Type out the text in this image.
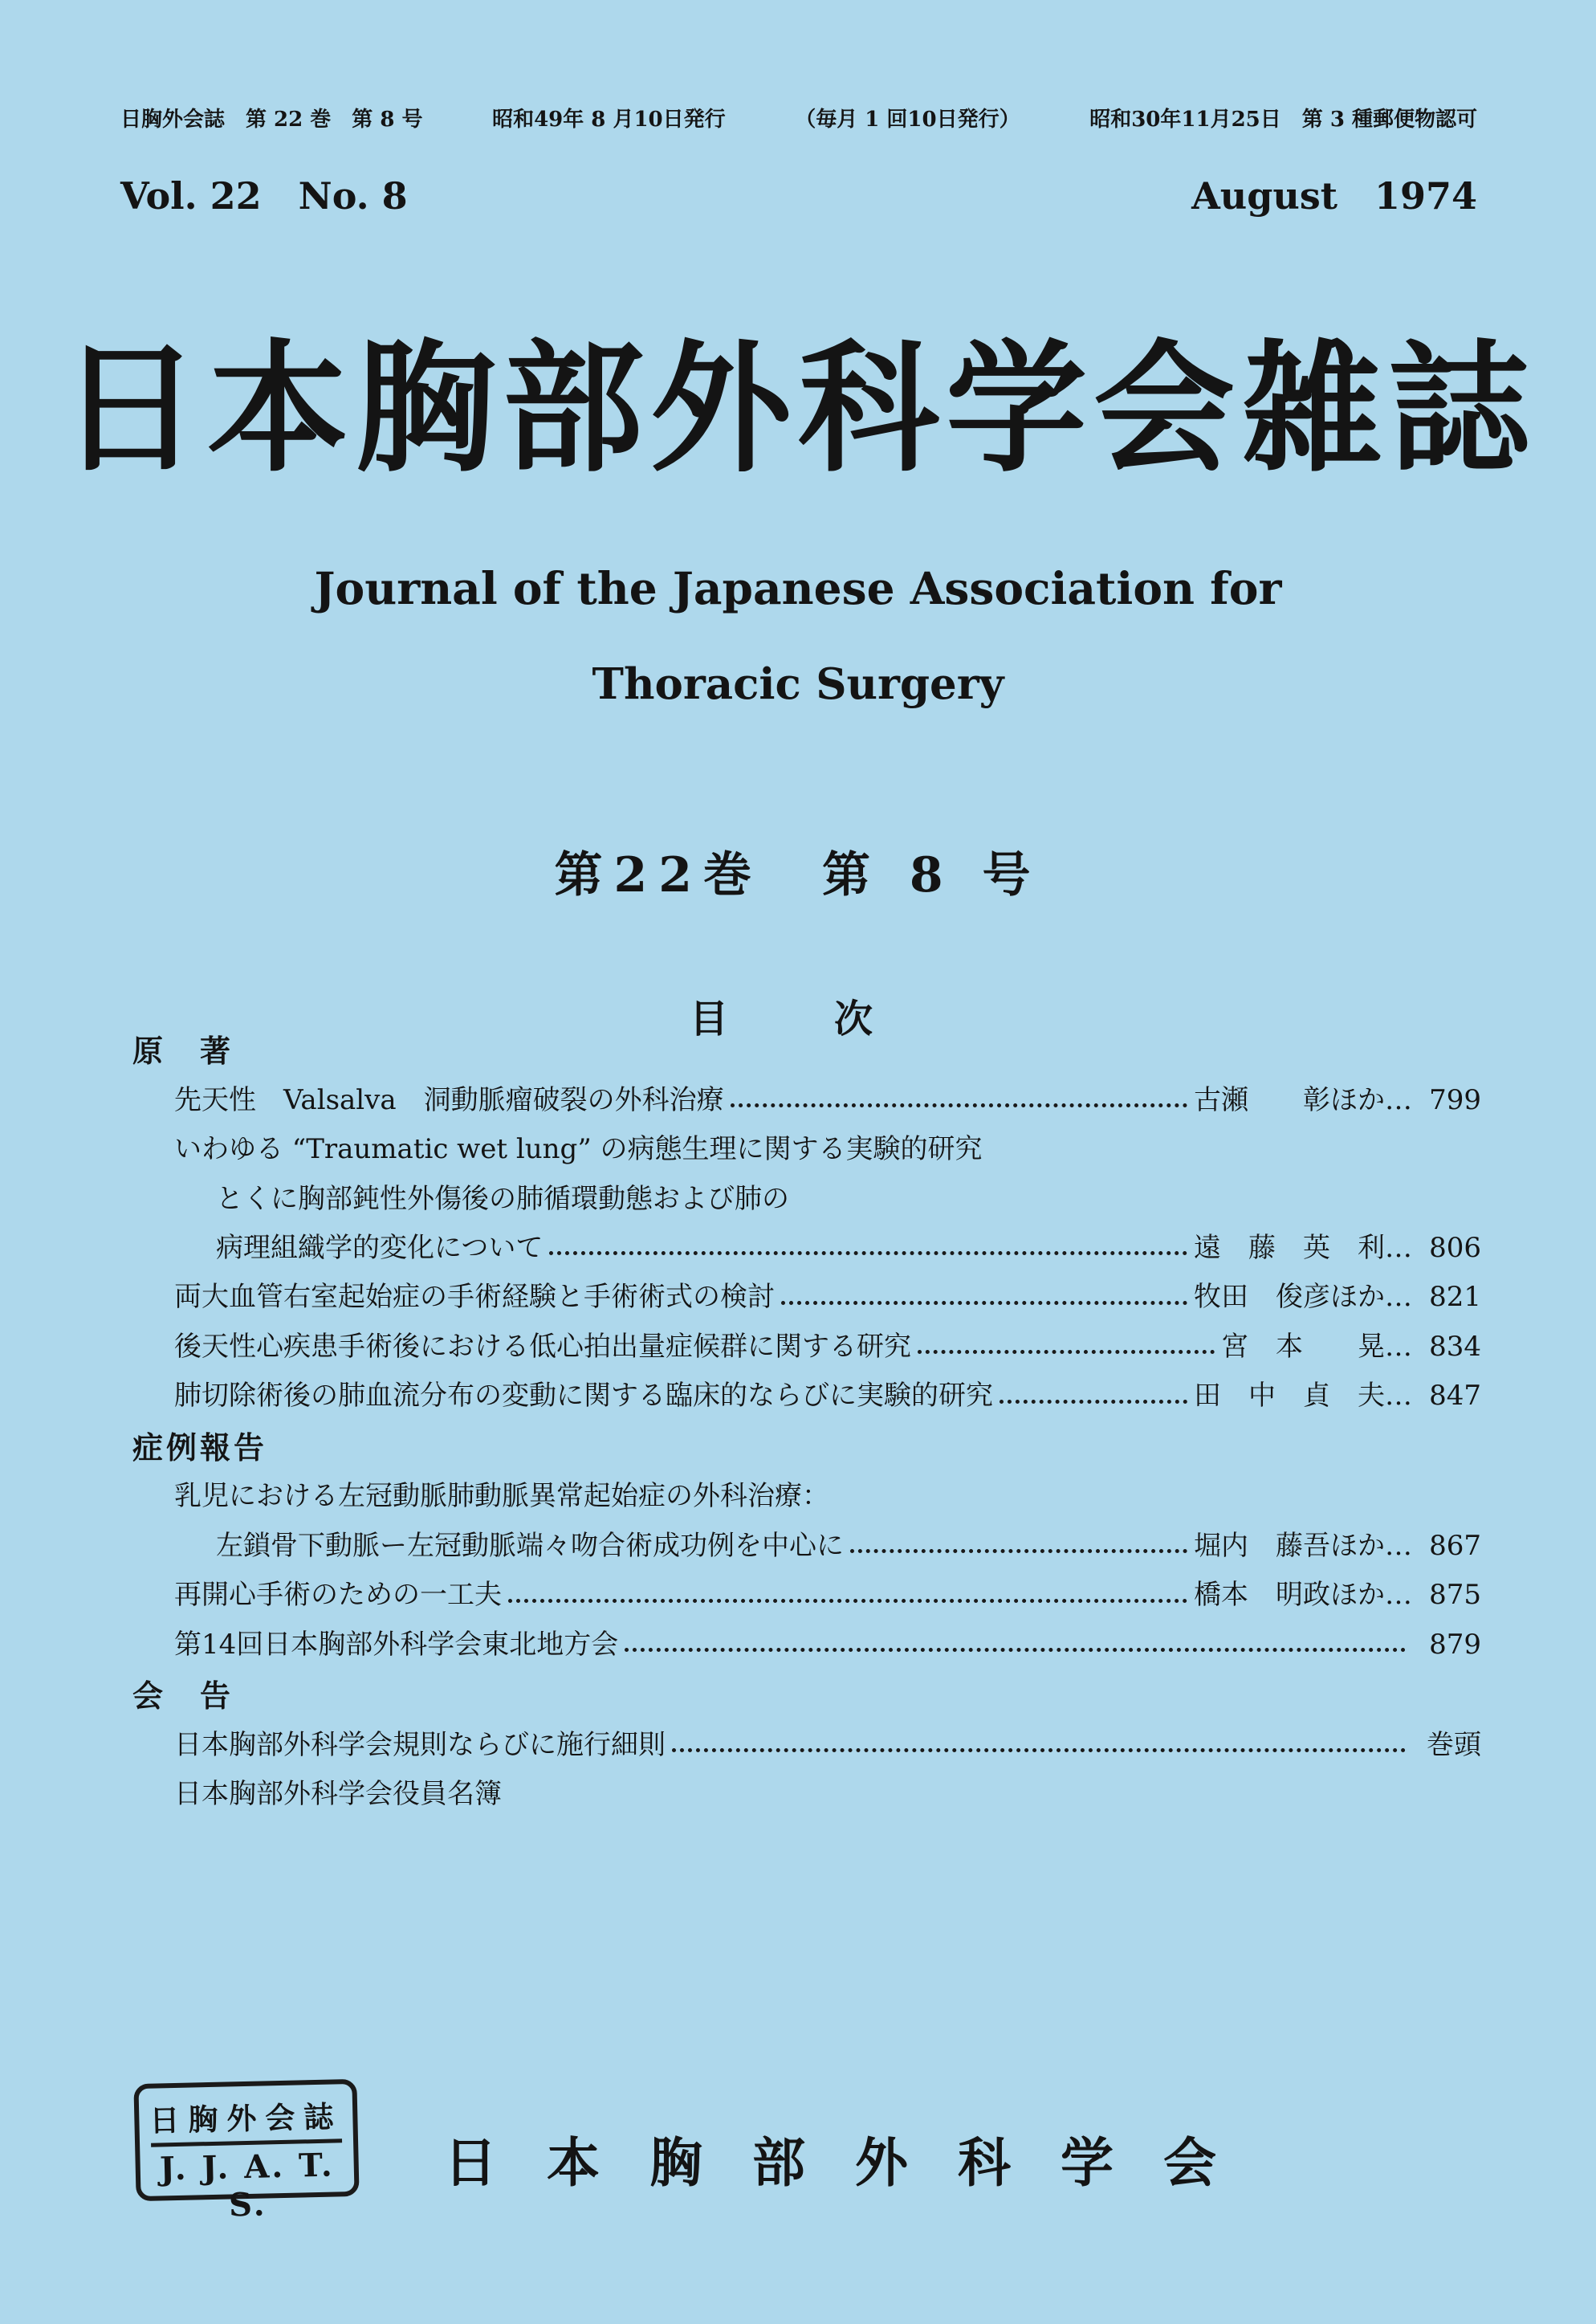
日胸外会誌　第 22 巻　第 8 号	昭和49年 8 月10日発行	（毎月 1 回10日発行）	昭和30年11月25日　第 3 種郵便物認可
Vol. 22　No. 8	August　1974
日本胸部外科学会雑誌
Journal of the Japanese Association for
Thoracic Surgery
第22巻　第 8 号
目　次
原　著
先天性　Valsalva　洞動脈瘤破裂の外科治療	古瀬　　彰ほか… 799
いわゆる “Traumatic wet lung” の病態生理に関する実験的研究
とくに胸部鈍性外傷後の肺循環動態および肺の
病理組織学的変化について	遠　藤　英　利… 806
両大血管右室起始症の手術経験と手術術式の検討	牧田　俊彦ほか… 821
後天性心疾患手術後における低心拍出量症候群に関する研究	宮　本　　晃… 834
肺切除術後の肺血流分布の変動に関する臨床的ならびに実験的研究	田　中　貞　夫… 847
症例報告
乳児における左冠動脈肺動脈異常起始症の外科治療：
左鎖骨下動脈ー左冠動脈端々吻合術成功例を中心に	堀内　藤吾ほか… 867
再開心手術のための一工夫	橋本　明政ほか… 875
第14回日本胸部外科学会東北地方会	879
会　告
日本胸部外科学会規則ならびに施行細則	巻頭
日本胸部外科学会役員名簿
日胸外会誌
J. J. A. T. S.
日本胸部外科学会
